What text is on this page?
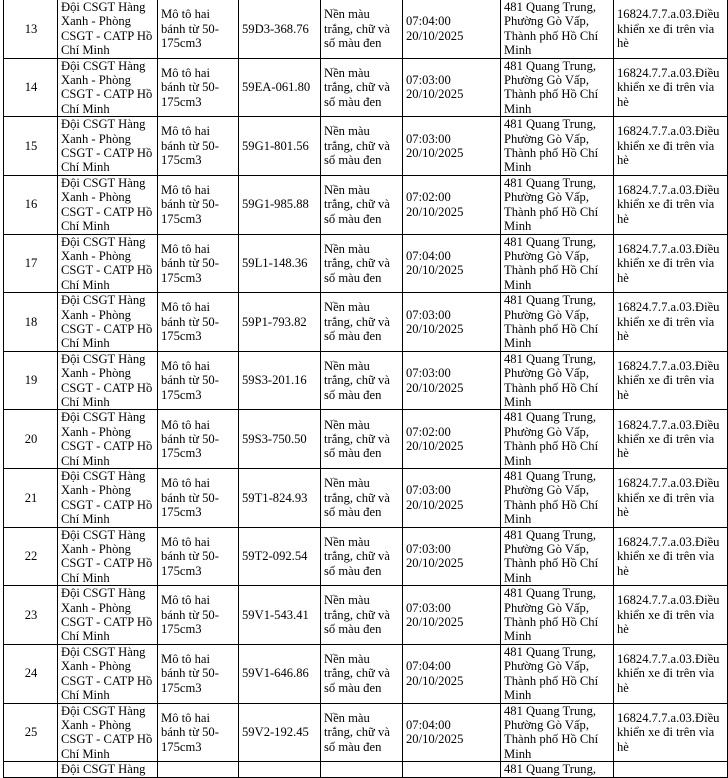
13	Đội CSGT Hàng Xanh - Phòng CSGT - CATP Hồ Chí Minh	Mô tô hai bánh từ 50-175cm3	59D3-368.76	Nền màu trắng, chữ và số màu đen	07:04:00
20/10/2025	481 Quang Trung, Phường Gò Vấp, Thành phố Hồ Chí Minh	16824.7.7.a.03.Điều khiển xe đi trên vỉa hè

14	Đội CSGT Hàng Xanh - Phòng CSGT - CATP Hồ Chí Minh	Mô tô hai bánh từ 50-175cm3	59EA-061.80	Nền màu trắng, chữ và số màu đen	07:03:00
20/10/2025	481 Quang Trung, Phường Gò Vấp, Thành phố Hồ Chí Minh	16824.7.7.a.03.Điều khiển xe đi trên vỉa hè

15	Đội CSGT Hàng Xanh - Phòng CSGT - CATP Hồ Chí Minh	Mô tô hai bánh từ 50-175cm3	59G1-801.56	Nền màu trắng, chữ và số màu đen	07:03:00
20/10/2025	481 Quang Trung, Phường Gò Vấp, Thành phố Hồ Chí Minh	16824.7.7.a.03.Điều khiển xe đi trên vỉa hè

16	Đội CSGT Hàng Xanh - Phòng CSGT - CATP Hồ Chí Minh	Mô tô hai bánh từ 50-175cm3	59G1-985.88	Nền màu trắng, chữ và số màu đen	07:02:00
20/10/2025	481 Quang Trung, Phường Gò Vấp, Thành phố Hồ Chí Minh	16824.7.7.a.03.Điều khiển xe đi trên vỉa hè

17	Đội CSGT Hàng Xanh - Phòng CSGT - CATP Hồ Chí Minh	Mô tô hai bánh từ 50-175cm3	59L1-148.36	Nền màu trắng, chữ và số màu đen	07:04:00
20/10/2025	481 Quang Trung, Phường Gò Vấp, Thành phố Hồ Chí Minh	16824.7.7.a.03.Điều khiển xe đi trên vỉa hè

18	Đội CSGT Hàng Xanh - Phòng CSGT - CATP Hồ Chí Minh	Mô tô hai bánh từ 50-175cm3	59P1-793.82	Nền màu trắng, chữ và số màu đen	07:03:00
20/10/2025	481 Quang Trung, Phường Gò Vấp, Thành phố Hồ Chí Minh	16824.7.7.a.03.Điều khiển xe đi trên vỉa hè

19	Đội CSGT Hàng Xanh - Phòng CSGT - CATP Hồ Chí Minh	Mô tô hai bánh từ 50-175cm3	59S3-201.16	Nền màu trắng, chữ và số màu đen	07:03:00
20/10/2025	481 Quang Trung, Phường Gò Vấp, Thành phố Hồ Chí Minh	16824.7.7.a.03.Điều khiển xe đi trên vỉa hè

20	Đội CSGT Hàng Xanh - Phòng CSGT - CATP Hồ Chí Minh	Mô tô hai bánh từ 50-175cm3	59S3-750.50	Nền màu trắng, chữ và số màu đen	07:02:00
20/10/2025	481 Quang Trung, Phường Gò Vấp, Thành phố Hồ Chí Minh	16824.7.7.a.03.Điều khiển xe đi trên vỉa hè

21	Đội CSGT Hàng Xanh - Phòng CSGT - CATP Hồ Chí Minh	Mô tô hai bánh từ 50-175cm3	59T1-824.93	Nền màu trắng, chữ và số màu đen	07:03:00
20/10/2025	481 Quang Trung, Phường Gò Vấp, Thành phố Hồ Chí Minh	16824.7.7.a.03.Điều khiển xe đi trên vỉa hè

22	Đội CSGT Hàng Xanh - Phòng CSGT - CATP Hồ Chí Minh	Mô tô hai bánh từ 50-175cm3	59T2-092.54	Nền màu trắng, chữ và số màu đen	07:03:00
20/10/2025	481 Quang Trung, Phường Gò Vấp, Thành phố Hồ Chí Minh	16824.7.7.a.03.Điều khiển xe đi trên vỉa hè

23	Đội CSGT Hàng Xanh - Phòng CSGT - CATP Hồ Chí Minh	Mô tô hai bánh từ 50-175cm3	59V1-543.41	Nền màu trắng, chữ và số màu đen	07:03:00
20/10/2025	481 Quang Trung, Phường Gò Vấp, Thành phố Hồ Chí Minh	16824.7.7.a.03.Điều khiển xe đi trên vỉa hè

24	Đội CSGT Hàng Xanh - Phòng CSGT - CATP Hồ Chí Minh	Mô tô hai bánh từ 50-175cm3	59V1-646.86	Nền màu trắng, chữ và số màu đen	07:04:00
20/10/2025	481 Quang Trung, Phường Gò Vấp, Thành phố Hồ Chí Minh	16824.7.7.a.03.Điều khiển xe đi trên vỉa hè

25	Đội CSGT Hàng Xanh - Phòng CSGT - CATP Hồ Chí Minh	Mô tô hai bánh từ 50-175cm3	59V2-192.45	Nền màu trắng, chữ và số màu đen	07:04:00
20/10/2025	481 Quang Trung, Phường Gò Vấp, Thành phố Hồ Chí Minh	16824.7.7.a.03.Điều khiển xe đi trên vỉa hè

	Đội CSGT Hàng					481 Quang Trung,	
